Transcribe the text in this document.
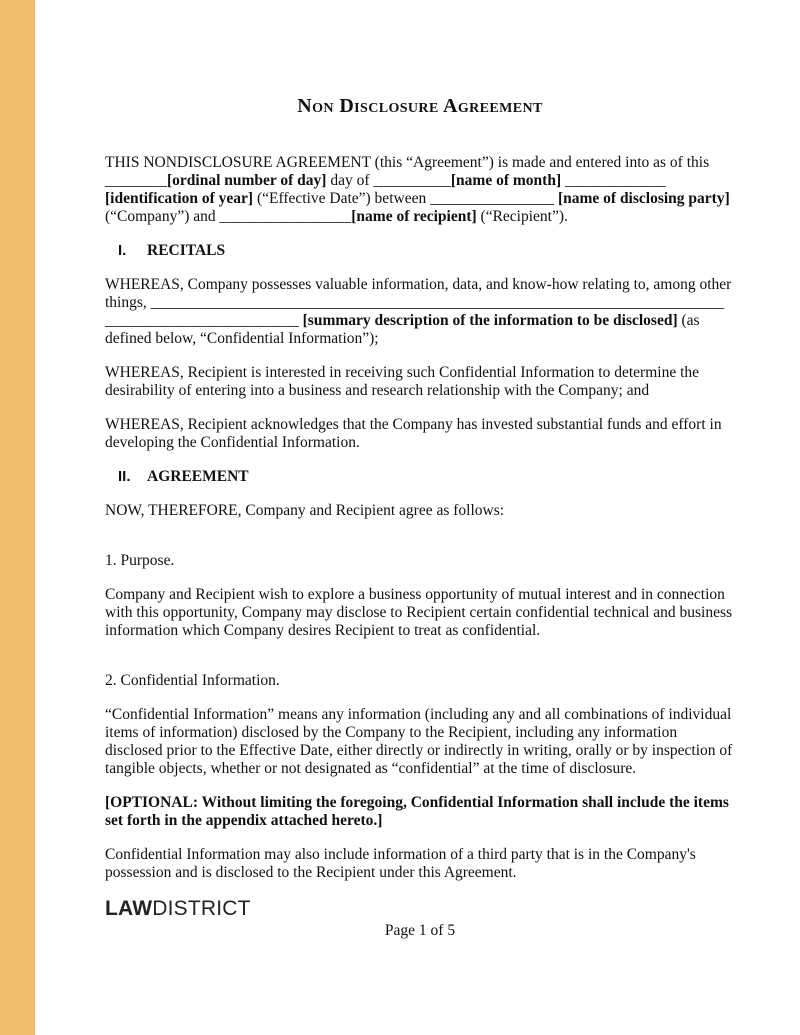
Non Disclosure Agreement

THIS NONDISCLOSURE AGREEMENT (this “Agreement”) is made and entered into as of this ________[ordinal number of day] day of __________[name of month] _____________ [identification of year] (“Effective Date”) between ________________ [name of disclosing party] (“Company”) and _________________[name of recipient] (“Recipient”).

I. RECITALS

WHEREAS, Company possesses valuable information, data, and know-how relating to, among other things, __________________________________________________________________________ _________________________ [summary description of the information to be disclosed] (as defined below, “Confidential Information”);

WHEREAS, Recipient is interested in receiving such Confidential Information to determine the desirability of entering into a business and research relationship with the Company; and

WHEREAS, Recipient acknowledges that the Company has invested substantial funds and effort in developing the Confidential Information.

II. AGREEMENT

NOW, THEREFORE, Company and Recipient agree as follows:

1. Purpose.

Company and Recipient wish to explore a business opportunity of mutual interest and in connection with this opportunity, Company may disclose to Recipient certain confidential technical and business information which Company desires Recipient to treat as confidential.

2. Confidential Information.

“Confidential Information” means any information (including any and all combinations of individual items of information) disclosed by the Company to the Recipient, including any information disclosed prior to the Effective Date, either directly or indirectly in writing, orally or by inspection of tangible objects, whether or not designated as “confidential” at the time of disclosure.

[OPTIONAL: Without limiting the foregoing, Confidential Information shall include the items set forth in the appendix attached hereto.]

Confidential Information may also include information of a third party that is in the Company's possession and is disclosed to the Recipient under this Agreement.

LAWDISTRICT
Page 1 of 5
